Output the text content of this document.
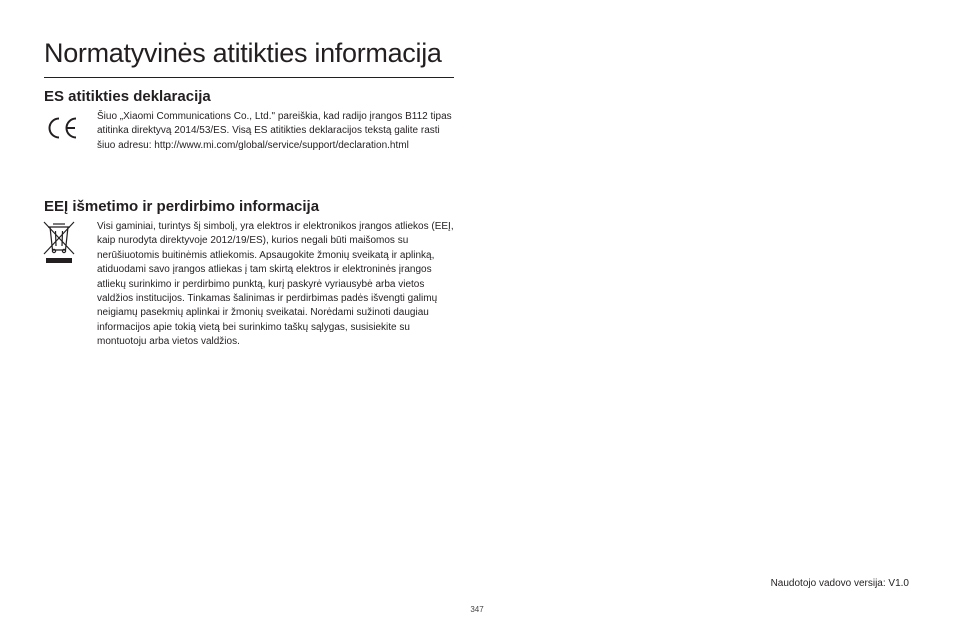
Normatyvinės atitikties informacija
ES atitikties deklaracija

Šiuo „Xiaomi Communications Co., Ltd." pareiškia, kad radijo įrangos B112 tipas atitinka direktyvą 2014/53/ES. Visą ES atitikties deklaracijos tekstą galite rasti šiuo adresu: http://www.mi.com/global/service/support/declaration.html

EEĮ išmetimo ir perdirbimo informacija

Visi gaminiai, turintys šį simbolį, yra elektros ir elektronikos įrangos atliekos (EEĮ, kaip nurodyta direktyvoje 2012/19/ES), kurios negali būti maišomos su nerūšiuotomis buitinėmis atliekomis. Apsaugokite žmonių sveikatą ir aplinką, atiduodami savo įrangos atliekas į tam skirtą elektros ir elektroninės įrangos atliekų surinkimo ir perdirbimo punktą, kurį paskyrė vyriausybė arba vietos valdžios institucijos. Tinkamas šalinimas ir perdirbimas padės išvengti galimų neigiamų pasekmių aplinkai ir žmonių sveikatai. Norėdami sužinoti daugiau informacijos apie tokią vietą bei surinkimo taškų sąlygas, susisiekite su montuotoju arba vietos valdžios.

Naudotojo vadovo versija: V1.0
347
